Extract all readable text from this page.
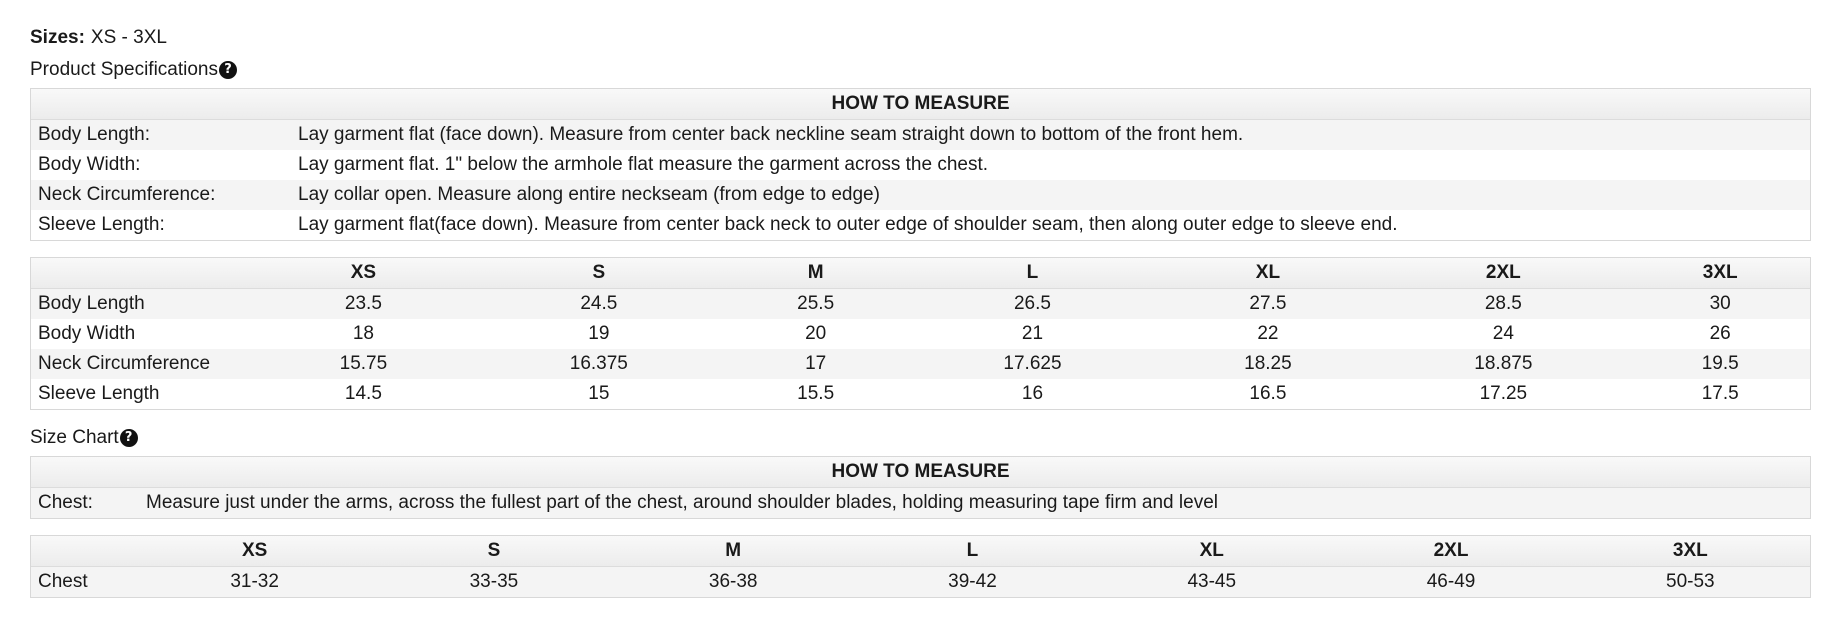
Sizes: XS - 3XL
Product Specifications ?
HOW TO MEASURE	
Body Length:	Lay garment flat (face down). Measure from center back neckline seam straight down to bottom of the front hem.
Body Width:	Lay garment flat. 1" below the armhole flat measure the garment across the chest.
Neck Circumference:	Lay collar open. Measure along entire neckseam (from edge to edge)
Sleeve Length:	Lay garment flat(face down). Measure from center back neck to outer edge of shoulder seam, then along outer edge to sleeve end.
	XS	S	M	L	XL	2XL	3XL
Body Length	23.5	24.5	25.5	26.5	27.5	28.5	30
Body Width	18	19	20	21	22	24	26
Neck Circumference	15.75	16.375	17	17.625	18.25	18.875	19.5
Sleeve Length	14.5	15	15.5	16	16.5	17.25	17.5
Size Chart ?
HOW TO MEASURE
Chest:	Measure just under the arms, across the fullest part of the chest, around shoulder blades, holding measuring tape firm and level
	XS	S	M	L	XL	2XL	3XL
Chest	31-32	33-35	36-38	39-42	43-45	46-49	50-53
